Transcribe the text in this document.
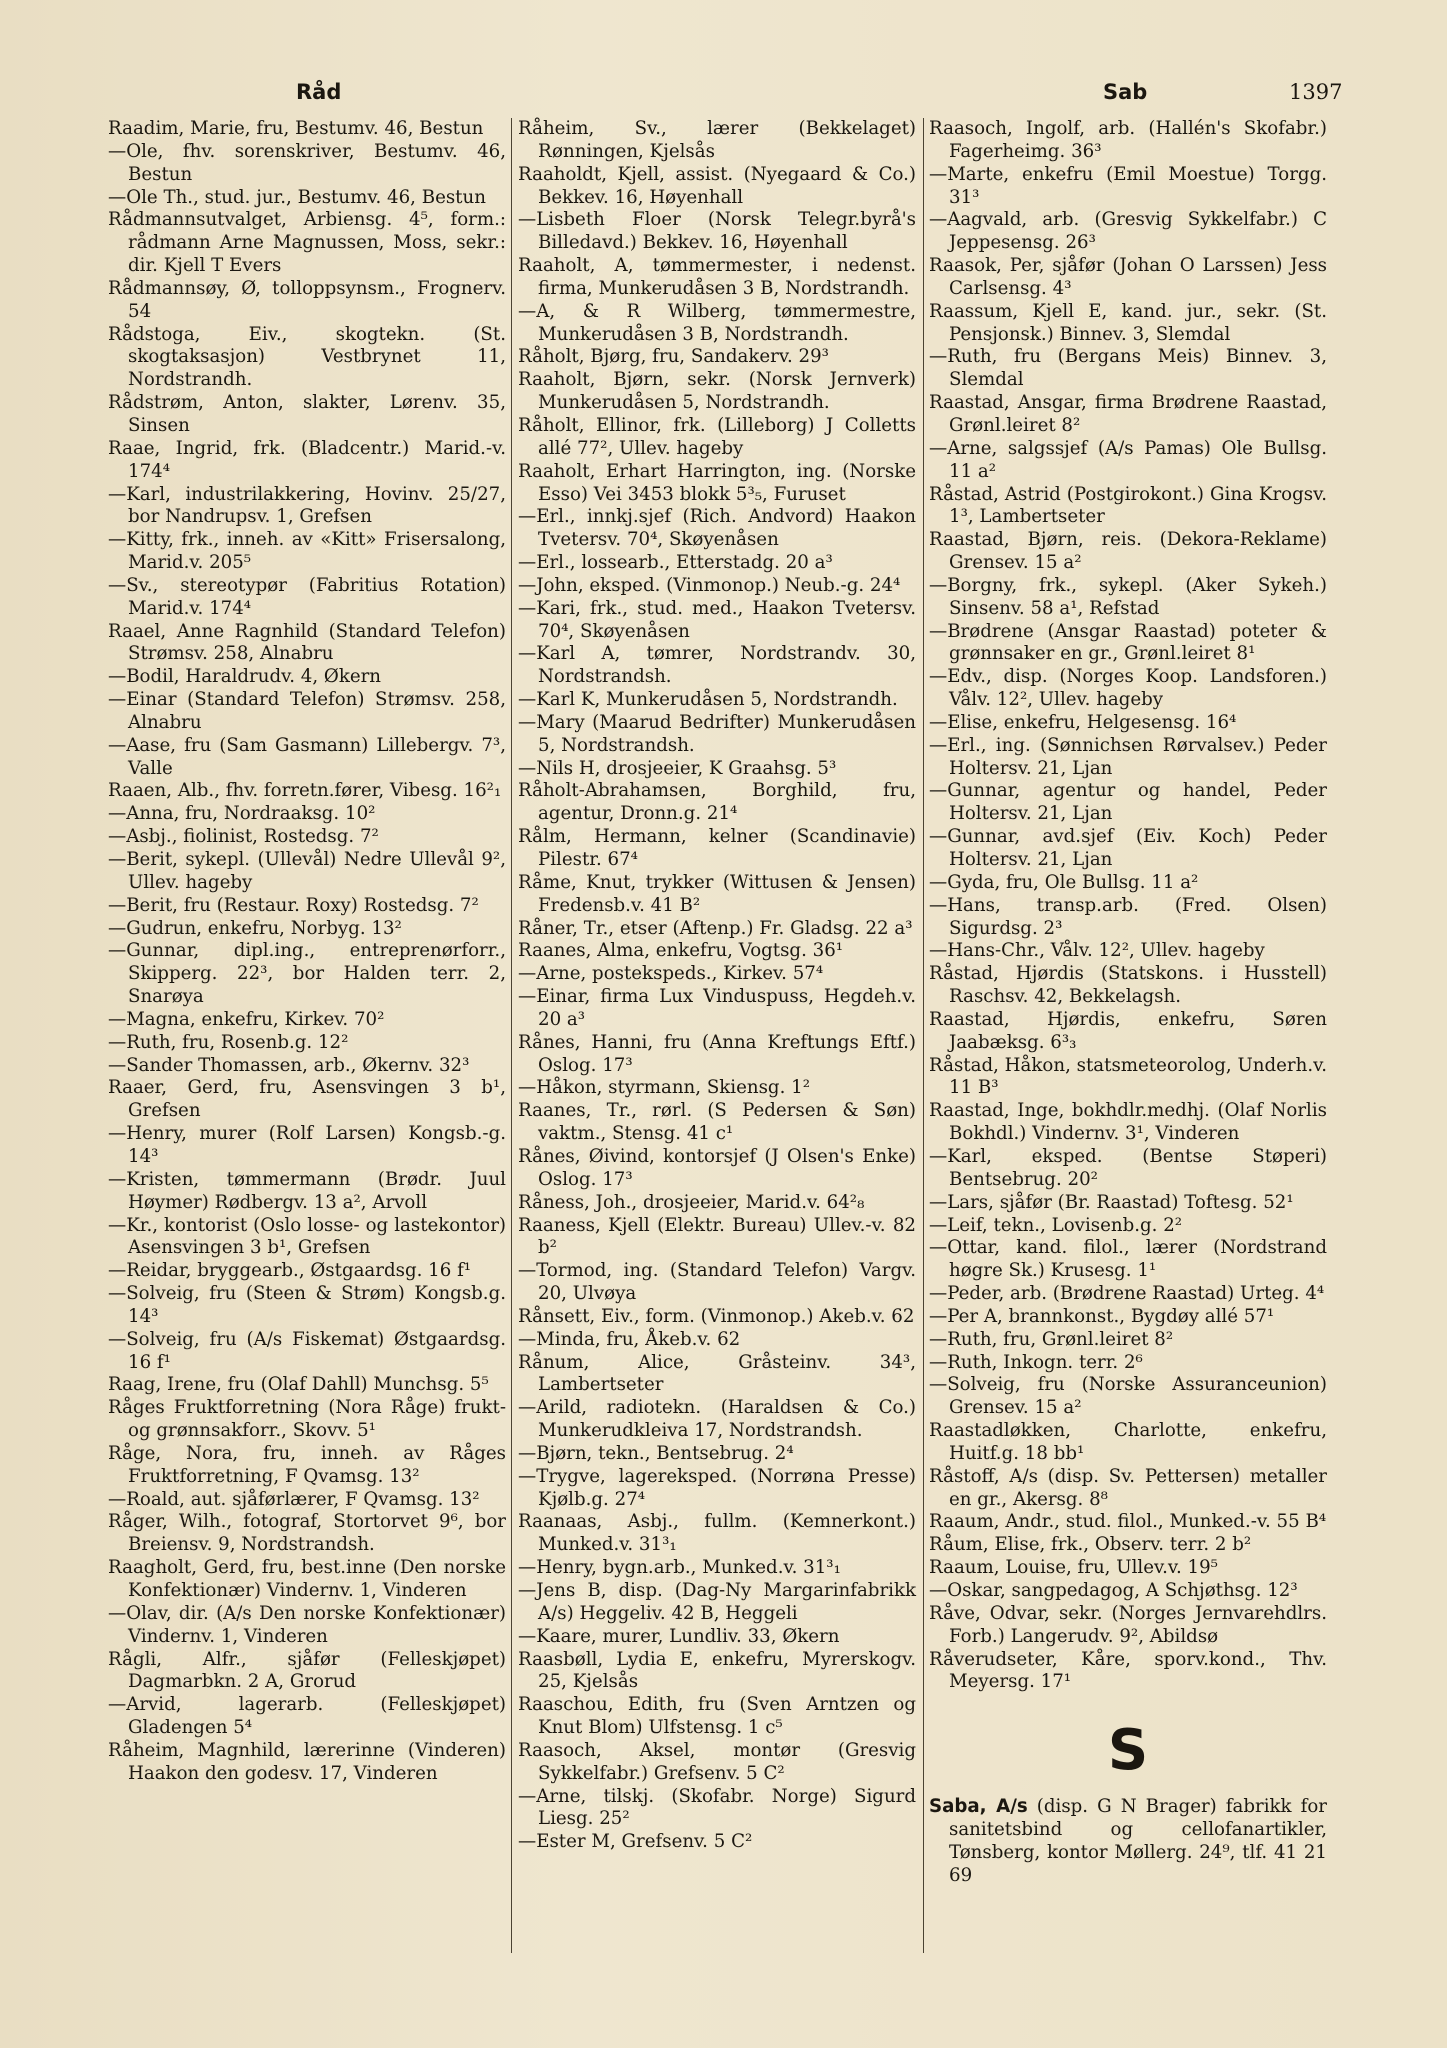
Råd	Sab	1397

Raadim, Marie, fru, Bestumv. 46, Bestun

—Ole, fhv. sorenskriver, Bestumv. 46, Bestun

—Ole Th., stud. jur., Bestumv. 46, Bestun

Rådmannsutvalget, Arbiensg. 4⁵, form.: rådmann Arne Magnussen, Moss, sekr.: dir. Kjell T Evers

Rådmannsøy, Ø, tolloppsynsm., Frognerv. 54

Rådstoga, Eiv., skogtekn. (St. skogtaksasjon) Vestbrynet 11, Nordstrandh.

Rådstrøm, Anton, slakter, Lørenv. 35, Sinsen

Raae, Ingrid, frk. (Bladcentr.) Marid.-v. 174⁴

—Karl, industrilakkering, Hovinv. 25/27, bor Nandrupsv. 1, Grefsen

—Kitty, frk., inneh. av «Kitt» Frisersalong, Marid.v. 205⁵

—Sv., stereotypør (Fabritius Rotation) Marid.v. 174⁴

Raael, Anne Ragnhild (Standard Telefon) Strømsv. 258, Alnabru

—Bodil, Haraldrudv. 4, Økern

—Einar (Standard Telefon) Strømsv. 258, Alnabru

—Aase, fru (Sam Gasmann) Lillebergv. 7³, Valle

Raaen, Alb., fhv. forretn.fører, Vibesg. 16²₁

—Anna, fru, Nordraaksg. 10²

—Asbj., fiolinist, Rostedsg. 7²

—Berit, sykepl. (Ullevål) Nedre Ullevål 9², Ullev. hageby

—Berit, fru (Restaur. Roxy) Rostedsg. 7²

—Gudrun, enkefru, Norbyg. 13²

—Gunnar, dipl.ing., entreprenørforr., Skipperg. 22³, bor Halden terr. 2, Snarøya

—Magna, enkefru, Kirkev. 70²

—Ruth, fru, Rosenb.g. 12²

—Sander Thomassen, arb., Økernv. 32³

Raaer, Gerd, fru, Asensvingen 3 b¹, Grefsen

—Henry, murer (Rolf Larsen) Kongsb.-g. 14³

—Kristen, tømmermann (Brødr. Juul Høymer) Rødbergv. 13 a², Arvoll

—Kr., kontorist (Oslo losse- og lastekontor) Asensvingen 3 b¹, Grefsen

—Reidar, bryggearb., Østgaardsg. 16 f¹

—Solveig, fru (Steen & Strøm) Kongsb.g. 14³

—Solveig, fru (A/s Fiskemat) Østgaardsg. 16 f¹

Raag, Irene, fru (Olaf Dahll) Munchsg. 5⁵

Råges Fruktforretning (Nora Råge) frukt- og grønnsakforr., Skovv. 5¹

Råge, Nora, fru, inneh. av Råges Fruktforretning, F Qvamsg. 13²

—Roald, aut. sjåførlærer, F Qvamsg. 13²

Råger, Wilh., fotograf, Stortorvet 9⁶, bor Breiensv. 9, Nordstrandsh.

Raagholt, Gerd, fru, best.inne (Den norske Konfektionær) Vindernv. 1, Vinderen

—Olav, dir. (A/s Den norske Konfektionær) Vindernv. 1, Vinderen

Rågli, Alfr., sjåfør (Felleskjøpet) Dagmarbkn. 2 A, Grorud

—Arvid, lagerarb. (Felleskjøpet) Gladengen 5⁴

Råheim, Magnhild, lærerinne (Vinderen) Haakon den godesv. 17, Vinderen

Råheim, Sv., lærer (Bekkelaget) Rønningen, Kjelsås

Raaholdt, Kjell, assist. (Nyegaard & Co.) Bekkev. 16, Høyenhall

—Lisbeth Floer (Norsk Telegr.byrå's Billedavd.) Bekkev. 16, Høyenhall

Raaholt, A, tømmermester, i nedenst. firma, Munkerudåsen 3 B, Nordstrandh.

—A, & R Wilberg, tømmermestre, Munkerudåsen 3 B, Nordstrandh.

Råholt, Bjørg, fru, Sandakerv. 29³

Raaholt, Bjørn, sekr. (Norsk Jernverk) Munkerudåsen 5, Nordstrandh.

Råholt, Ellinor, frk. (Lilleborg) J Colletts allé 77², Ullev. hageby

Raaholt, Erhart Harrington, ing. (Norske Esso) Vei 3453 blokk 5³₅, Furuset

—Erl., innkj.sjef (Rich. Andvord) Haakon Tvetersv. 70⁴, Skøyenåsen

—Erl., lossearb., Etterstadg. 20 a³

—John, eksped. (Vinmonop.) Neub.-g. 24⁴

—Kari, frk., stud. med., Haakon Tvetersv. 70⁴, Skøyenåsen

—Karl A, tømrer, Nordstrandv. 30, Nordstrandsh.

—Karl K, Munkerudåsen 5, Nordstrandh.

—Mary (Maarud Bedrifter) Munkerudåsen 5, Nordstrandsh.

—Nils H, drosjeeier, K Graahsg. 5³

Råholt-Abrahamsen, Borghild, fru, agentur, Dronn.g. 21⁴

Rålm, Hermann, kelner (Scandinavie) Pilestr. 67⁴

Råme, Knut, trykker (Wittusen & Jensen) Fredensb.v. 41 B²

Råner, Tr., etser (Aftenp.) Fr. Gladsg. 22 a³

Raanes, Alma, enkefru, Vogtsg. 36¹

—Arne, postekspeds., Kirkev. 57⁴

—Einar, firma Lux Vinduspuss, Hegdeh.v. 20 a³

Rånes, Hanni, fru (Anna Kreftungs Eftf.) Oslog. 17³

—Håkon, styrmann, Skiensg. 1²

Raanes, Tr., rørl. (S Pedersen & Søn) vaktm., Stensg. 41 c¹

Rånes, Øivind, kontorsjef (J Olsen's Enke) Oslog. 17³

Råness, Joh., drosjeeier, Marid.v. 64²₈

Raaness, Kjell (Elektr. Bureau) Ullev.-v. 82 b²

—Tormod, ing. (Standard Telefon) Vargv. 20, Ulvøya

Rånsett, Eiv., form. (Vinmonop.) Akeb.v. 62

—Minda, fru, Åkeb.v. 62

Rånum, Alice, Gråsteinv. 34³, Lambertseter

—Arild, radiotekn. (Haraldsen & Co.) Munkerudkleiva 17, Nordstrandsh.

—Bjørn, tekn., Bentsebrug. 2⁴

—Trygve, lagereksped. (Norrøna Presse) Kjølb.g. 27⁴

Raanaas, Asbj., fullm. (Kemnerkont.) Munked.v. 31³₁

—Henry, bygn.arb., Munked.v. 31³₁

—Jens B, disp. (Dag-Ny Margarinfabrikk A/s) Heggeliv. 42 B, Heggeli

—Kaare, murer, Lundliv. 33, Økern

Raasbøll, Lydia E, enkefru, Myrerskogv. 25, Kjelsås

Raaschou, Edith, fru (Sven Arntzen og Knut Blom) Ulfstensg. 1 c⁵

Raasoch, Aksel, montør (Gresvig Sykkelfabr.) Grefsenv. 5 C²

—Arne, tilskj. (Skofabr. Norge) Sigurd Liesg. 25²

—Ester M, Grefsenv. 5 C²

Raasoch, Ingolf, arb. (Hallén's Skofabr.) Fagerheimg. 36³

—Marte, enkefru (Emil Moestue) Torgg. 31³

—Aagvald, arb. (Gresvig Sykkelfabr.) C Jeppesensg. 26³

Raasok, Per, sjåfør (Johan O Larssen) Jess Carlsensg. 4³

Raassum, Kjell E, kand. jur., sekr. (St. Pensjonsk.) Binnev. 3, Slemdal

—Ruth, fru (Bergans Meis) Binnev. 3, Slemdal

Raastad, Ansgar, firma Brødrene Raastad, Grønl.leiret 8²

—Arne, salgssjef (A/s Pamas) Ole Bullsg. 11 a²

Råstad, Astrid (Postgirokont.) Gina Krogsv. 1³, Lambertseter

Raastad, Bjørn, reis. (Dekora-Reklame) Grensev. 15 a²

—Borgny, frk., sykepl. (Aker Sykeh.) Sinsenv. 58 a¹, Refstad

—Brødrene (Ansgar Raastad) poteter & grønnsaker en gr., Grønl.leiret 8¹

—Edv., disp. (Norges Koop. Landsforen.) Vålv. 12², Ullev. hageby

—Elise, enkefru, Helgesensg. 16⁴

—Erl., ing. (Sønnichsen Rørvalsev.) Peder Holtersv. 21, Ljan

—Gunnar, agentur og handel, Peder Holtersv. 21, Ljan

—Gunnar, avd.sjef (Eiv. Koch) Peder Holtersv. 21, Ljan

—Gyda, fru, Ole Bullsg. 11 a²

—Hans, transp.arb. (Fred. Olsen) Sigurdsg. 2³

—Hans-Chr., Vålv. 12², Ullev. hageby

Råstad, Hjørdis (Statskons. i Husstell) Raschsv. 42, Bekkelagsh.

Raastad, Hjørdis, enkefru, Søren Jaabæksg. 6³₃

Råstad, Håkon, statsmeteorolog, Underh.v. 11 B³

Raastad, Inge, bokhdlr.medhj. (Olaf Norlis Bokhdl.) Vindernv. 3¹, Vinderen

—Karl, eksped. (Bentse Støperi) Bentsebrug. 20²

—Lars, sjåfør (Br. Raastad) Toftesg. 52¹

—Leif, tekn., Lovisenb.g. 2²

—Ottar, kand. filol., lærer (Nordstrand høgre Sk.) Krusesg. 1¹

—Peder, arb. (Brødrene Raastad) Urteg. 4⁴

—Per A, brannkonst., Bygdøy allé 57¹

—Ruth, fru, Grønl.leiret 8²

—Ruth, Inkogn. terr. 2⁶

—Solveig, fru (Norske Assuranceunion) Grensev. 15 a²

Raastadløkken, Charlotte, enkefru, Huitf.g. 18 bb¹

Råstoff, A/s (disp. Sv. Pettersen) metaller en gr., Akersg. 8⁸

Raaum, Andr., stud. filol., Munked.-v. 55 B⁴

Råum, Elise, frk., Observ. terr. 2 b²

Raaum, Louise, fru, Ullev.v. 19⁵

—Oskar, sangpedagog, A Schjøthsg. 12³

Råve, Odvar, sekr. (Norges Jernvarehdlrs. Forb.) Langerudv. 9², Abildsø

Råverudseter, Kåre, sporv.kond., Thv. Meyersg. 17¹

S

Saba, A/s (disp. G N Brager) fabrikk for sanitetsbind og cellofanartikler, Tønsberg, kontor Møllerg. 24⁹, tlf. 41 21 69
